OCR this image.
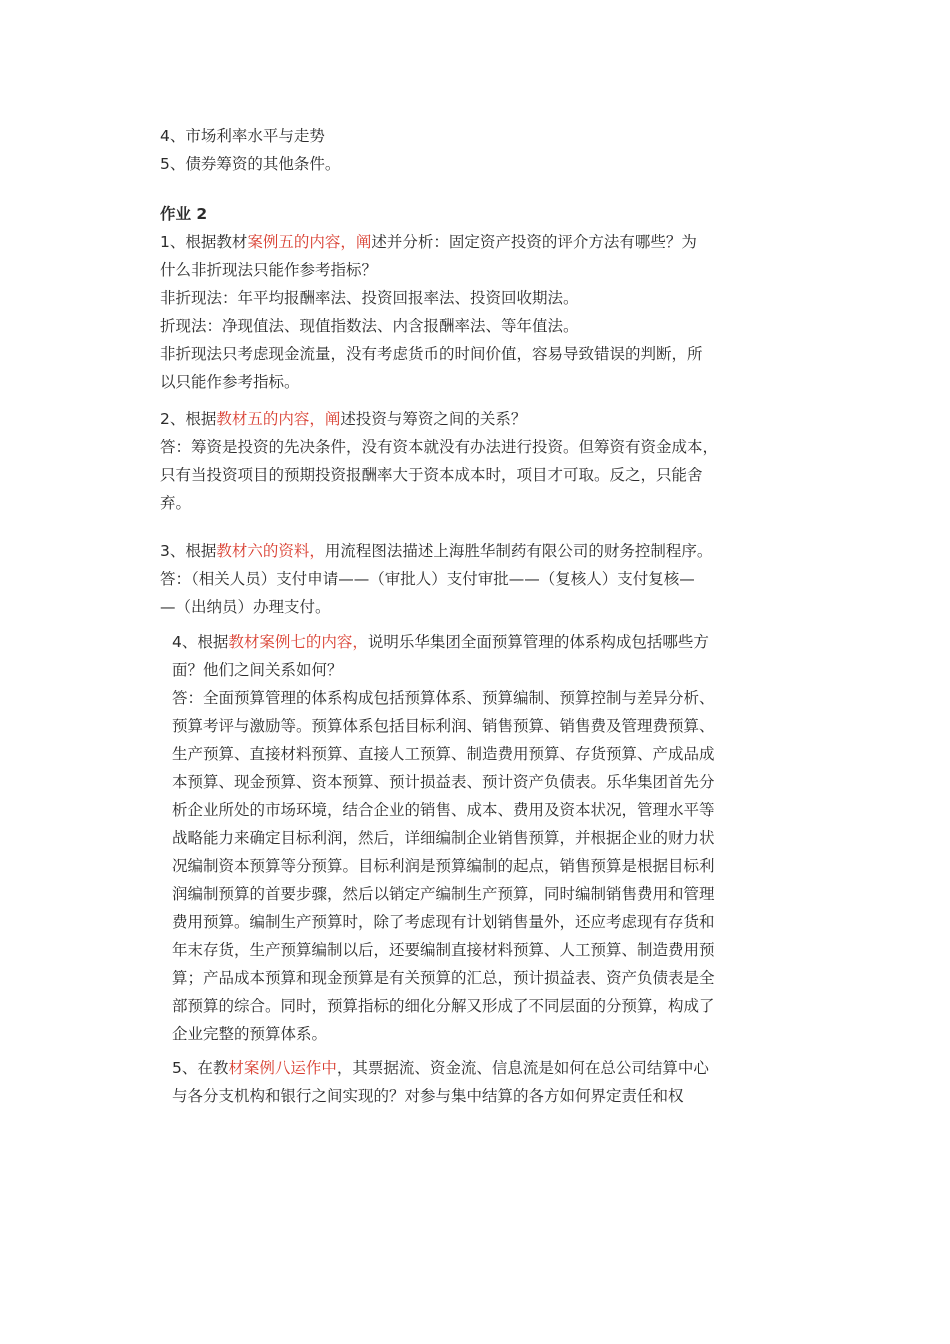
4、市场利率水平与走势
5、债券筹资的其他条件。
作业 2
1、根据教材案例五的内容，阐述并分析：固定资产投资的评介方法有哪些？为
什么非折现法只能作参考指标？
非折现法：年平均报酬率法、投资回报率法、投资回收期法。
折现法：净现值法、现值指数法、内含报酬率法、等年值法。
非折现法只考虑现金流量，没有考虑货币的时间价值，容易导致错误的判断，所
以只能作参考指标。
2、根据教材五的内容，阐述投资与筹资之间的关系？
答：筹资是投资的先决条件，没有资本就没有办法进行投资。但筹资有资金成本，
只有当投资项目的预期投资报酬率大于资本成本时，项目才可取。反之，只能舍
弃。
3、根据教材六的资料，用流程图法描述上海胜华制药有限公司的财务控制程序。
答：（相关人员）支付申请——（审批人）支付审批——（复核人）支付复核—
—（出纳员）办理支付。
4、根据教材案例七的内容，说明乐华集团全面预算管理的体系构成包括哪些方
面？他们之间关系如何？
答：全面预算管理的体系构成包括预算体系、预算编制、预算控制与差异分析、
预算考评与激励等。预算体系包括目标利润、销售预算、销售费及管理费预算、
生产预算、直接材料预算、直接人工预算、制造费用预算、存货预算、产成品成
本预算、现金预算、资本预算、预计损益表、预计资产负债表。乐华集团首先分
析企业所处的市场环境，结合企业的销售、成本、费用及资本状况，管理水平等
战略能力来确定目标利润，然后，详细编制企业销售预算，并根据企业的财力状
况编制资本预算等分预算。目标利润是预算编制的起点，销售预算是根据目标利
润编制预算的首要步骤，然后以销定产编制生产预算，同时编制销售费用和管理
费用预算。编制生产预算时，除了考虑现有计划销售量外，还应考虑现有存货和
年末存货，生产预算编制以后，还要编制直接材料预算、人工预算、制造费用预
算；产品成本预算和现金预算是有关预算的汇总，预计损益表、资产负债表是全
部预算的综合。同时，预算指标的细化分解又形成了不同层面的分预算，构成了
企业完整的预算体系。
5、在教材案例八运作中，其票据流、资金流、信息流是如何在总公司结算中心
与各分支机构和银行之间实现的？对参与集中结算的各方如何界定责任和权
